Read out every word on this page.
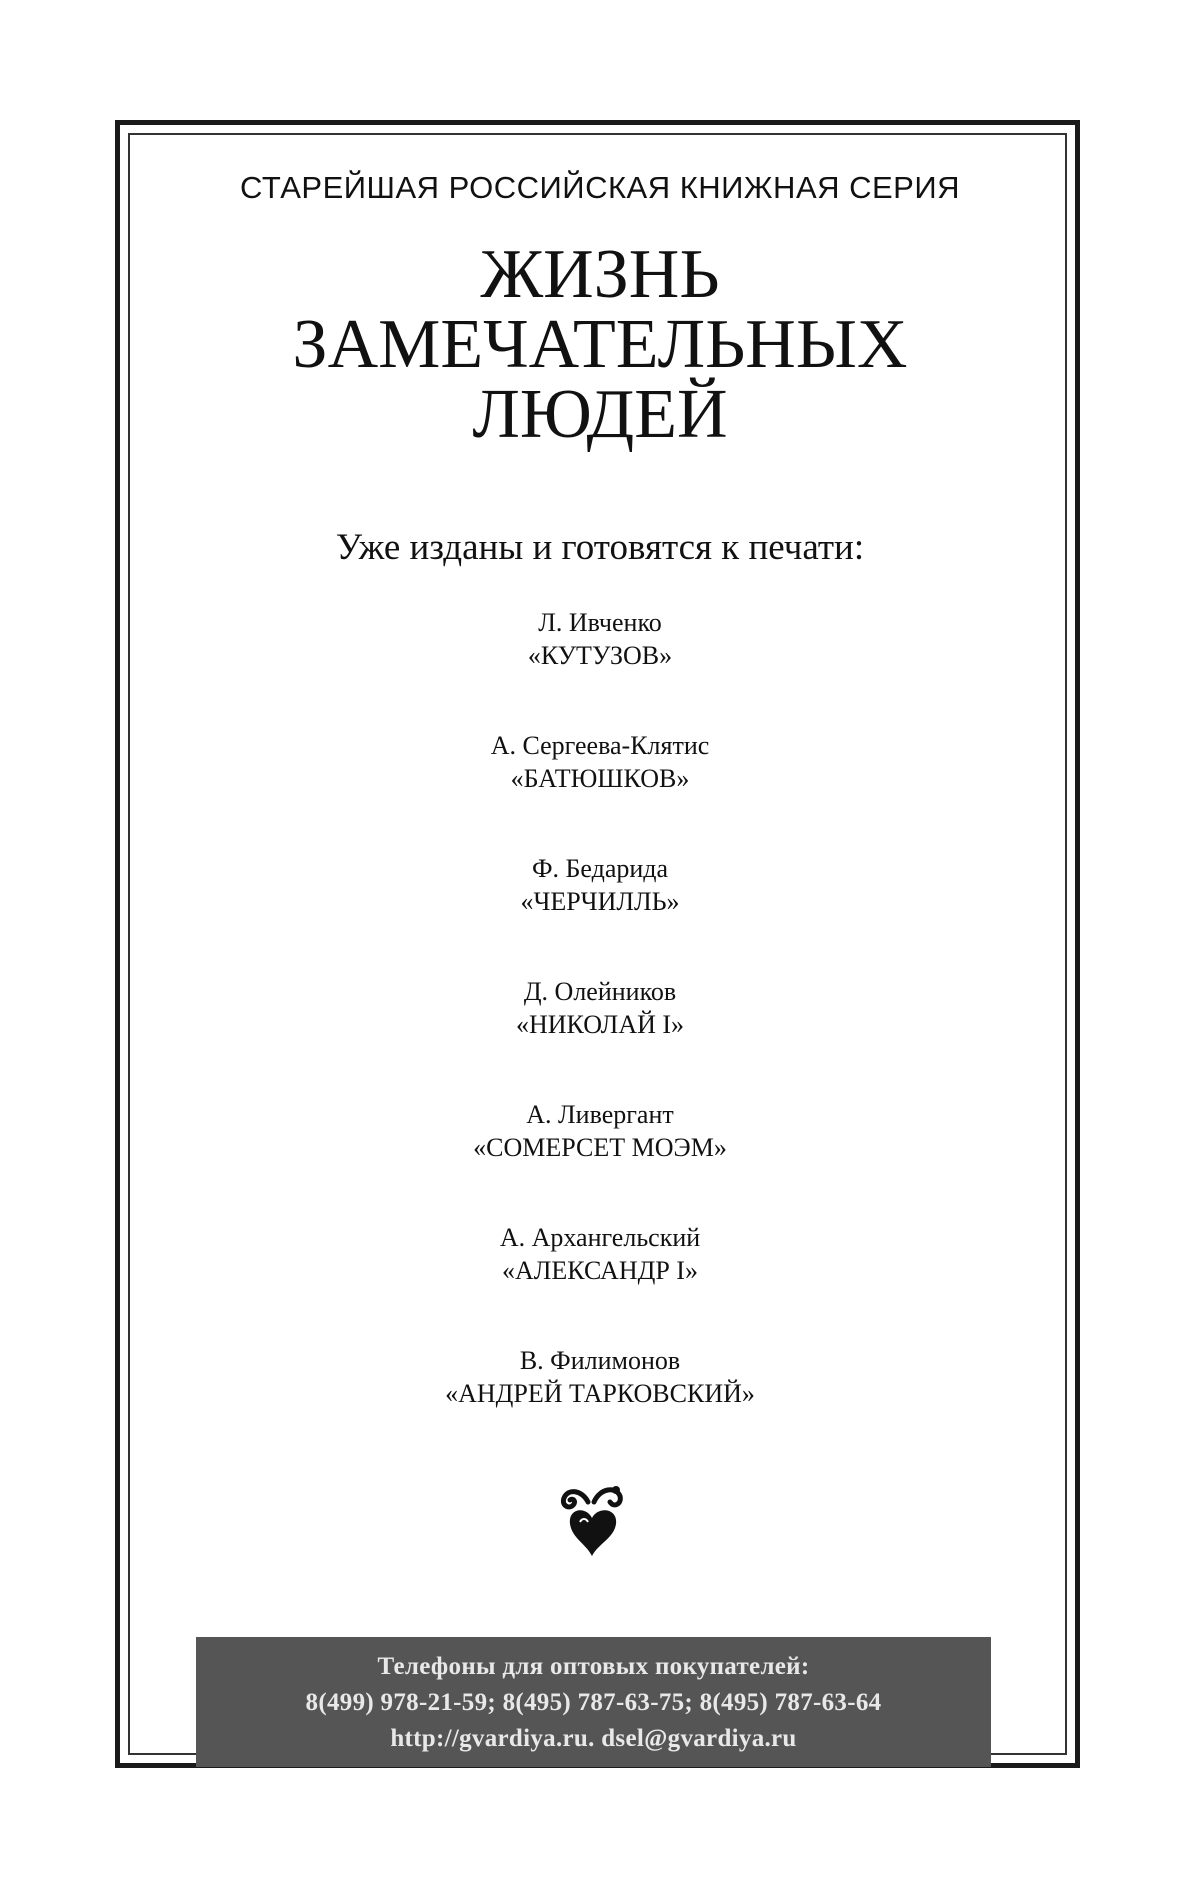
СТАРЕЙШАЯ РОССИЙСКАЯ КНИЖНАЯ СЕРИЯ
ЖИЗНЬ
ЗАМЕЧАТЕЛЬНЫХ
ЛЮДЕЙ
Уже изданы и готовятся к печати:
Л. Ивченко
«КУТУЗОВ»
А. Сергеева-Клятис
«БАТЮШКОВ»
Ф. Бедарида
«ЧЕРЧИЛЛЬ»
Д. Олейников
«НИКОЛАЙ I»
А. Ливергант
«СОМЕРСЕТ МОЭМ»
А. Архангельский
«АЛЕКСАНДР I»
В. Филимонов
«АНДРЕЙ ТАРКОВСКИЙ»
Телефоны для оптовых покупателей:
8(499) 978-21-59; 8(495) 787-63-75; 8(495) 787-63-64
http://gvardiya.ru. dsel@gvardiya.ru
